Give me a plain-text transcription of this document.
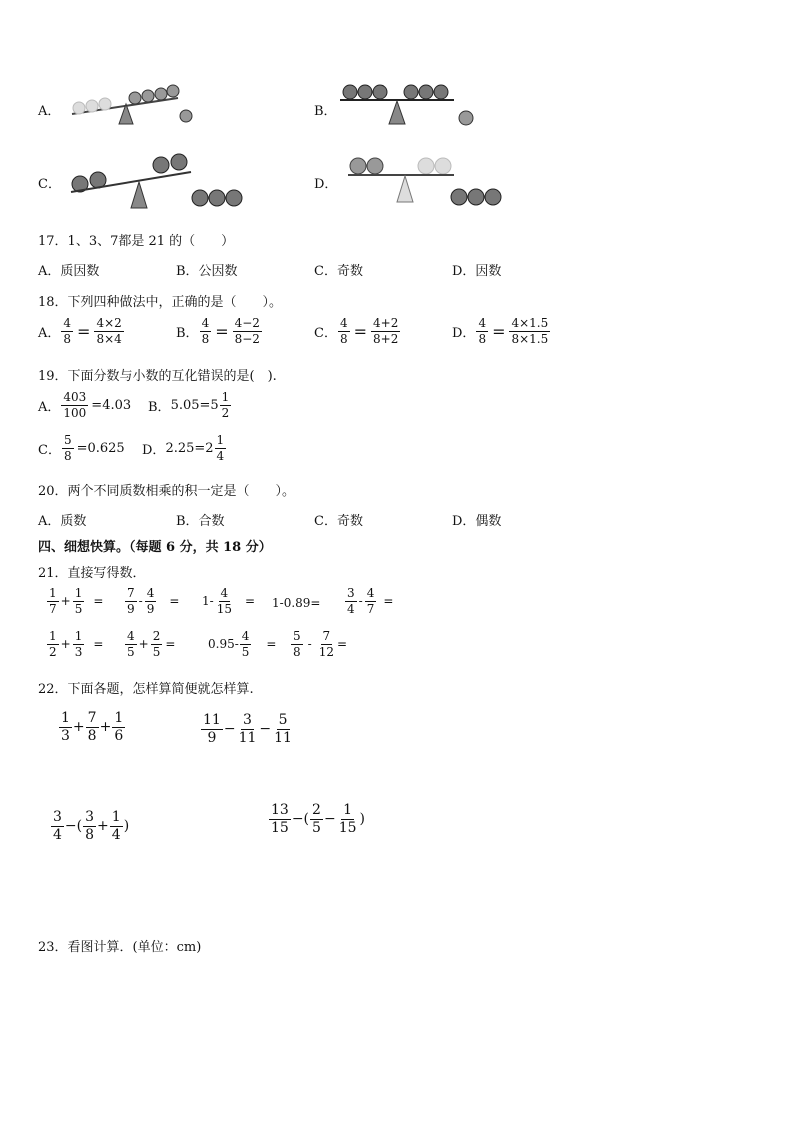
A．	B．
C．	D．
17．1、3、7都是 21 的（　　）
A．质因数	B．公因数	C．奇数	D．因数
18．下列四种做法中，正确的是（　　）。
A． $\frac{4}{8} = \frac{4\times 2}{8\times 4}$	B． $\frac{4}{8} = \frac{4-2}{8-2}$	C． $\frac{4}{8} = \frac{4+2}{8+2}$	D． $\frac{4}{8} = \frac{4\times 1.5}{8\times 1.5}$
19．下面分数与小数的互化错误的是(　).
A． $\frac{403}{100} =4.03$ B． $5.05=5 \frac{1}{2}$
C． $\frac{5}{8} =0.625$ D． $2.25=2 \frac{1}{4}$
20．两个不同质数相乘的积一定是（　　）。
A．质数	B．合数	C．奇数	D．偶数
四、细想快算。（每题 6 分，共 18 分）
21．直接写得数．
$\frac{1}{7} + \frac{1}{5} = \frac{7}{9} - \frac{4}{9} = 1- \frac{4}{15} = 1-0.89= \frac{3}{4} - \frac{4}{7}$ =
$\frac{1}{2} + \frac{1}{3} = \frac{4}{5} + \frac{2}{5}$ =	$0.95- \frac{4}{5} = \frac{5}{8} - \frac{7}{12}$ =
22．下面各题，怎样算简便就怎样算.
$\frac{1}{3} + \frac{7}{8} + \frac{1}{6}$	$\frac{11}{9} - \frac{3}{11} - \frac{5}{11}$
$\frac{3}{4}$ −( $\frac{3}{8} + \frac{1}{4}$ )	$\frac{13}{15}$ −( $\frac{2}{5} - \frac{1}{15}$ )
23．看图计算．(单位：cm)
